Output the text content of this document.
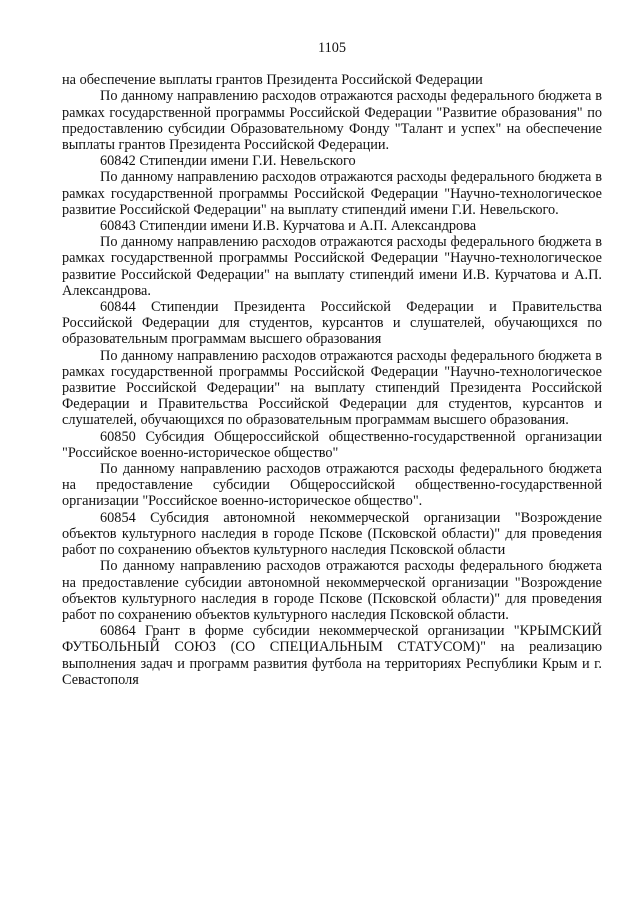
1105

на обеспечение выплаты грантов Президента Российской Федерации

По данному направлению расходов отражаются расходы федерального бюджета в рамках государственной программы Российской Федерации "Развитие образования" по предоставлению субсидии Образовательному Фонду "Талант и успех" на обеспечение выплаты грантов Президента Российской Федерации.

60842 Стипендии имени Г.И. Невельского

По данному направлению расходов отражаются расходы федерального бюджета в рамках государственной программы Российской Федерации "Научно-технологическое развитие Российской Федерации" на выплату стипендий имени Г.И. Невельского.

60843 Стипендии имени И.В. Курчатова и А.П. Александрова

По данному направлению расходов отражаются расходы федерального бюджета в рамках государственной программы Российской Федерации "Научно-технологическое развитие Российской Федерации" на выплату стипендий имени И.В. Курчатова и А.П. Александрова.

60844 Стипендии Президента Российской Федерации и Правительства Российской Федерации для студентов, курсантов и слушателей, обучающихся по образовательным программам высшего образования

По данному направлению расходов отражаются расходы федерального бюджета в рамках государственной программы Российской Федерации "Научно-технологическое развитие Российской Федерации" на выплату стипендий Президента Российской Федерации и Правительства Российской Федерации для студентов, курсантов и слушателей, обучающихся по образовательным программам высшего образования.

60850 Субсидия Общероссийской общественно-государственной организации "Российское военно-историческое общество"

По данному направлению расходов отражаются расходы федерального бюджета на предоставление субсидии Общероссийской общественно-государственной организации "Российское военно-историческое общество".

60854 Субсидия автономной некоммерческой организации "Возрождение объектов культурного наследия в городе Пскове (Псковской области)" для проведения работ по сохранению объектов культурного наследия Псковской области

По данному направлению расходов отражаются расходы федерального бюджета на предоставление субсидии автономной некоммерческой организации "Возрождение объектов культурного наследия в городе Пскове (Псковской области)" для проведения работ по сохранению объектов культурного наследия Псковской области.

60864 Грант в форме субсидии некоммерческой организации "КРЫМСКИЙ ФУТБОЛЬНЫЙ СОЮЗ (СО СПЕЦИАЛЬНЫМ СТАТУСОМ)" на реализацию выполнения задач и программ развития футбола на территориях Республики Крым и г. Севастополя
